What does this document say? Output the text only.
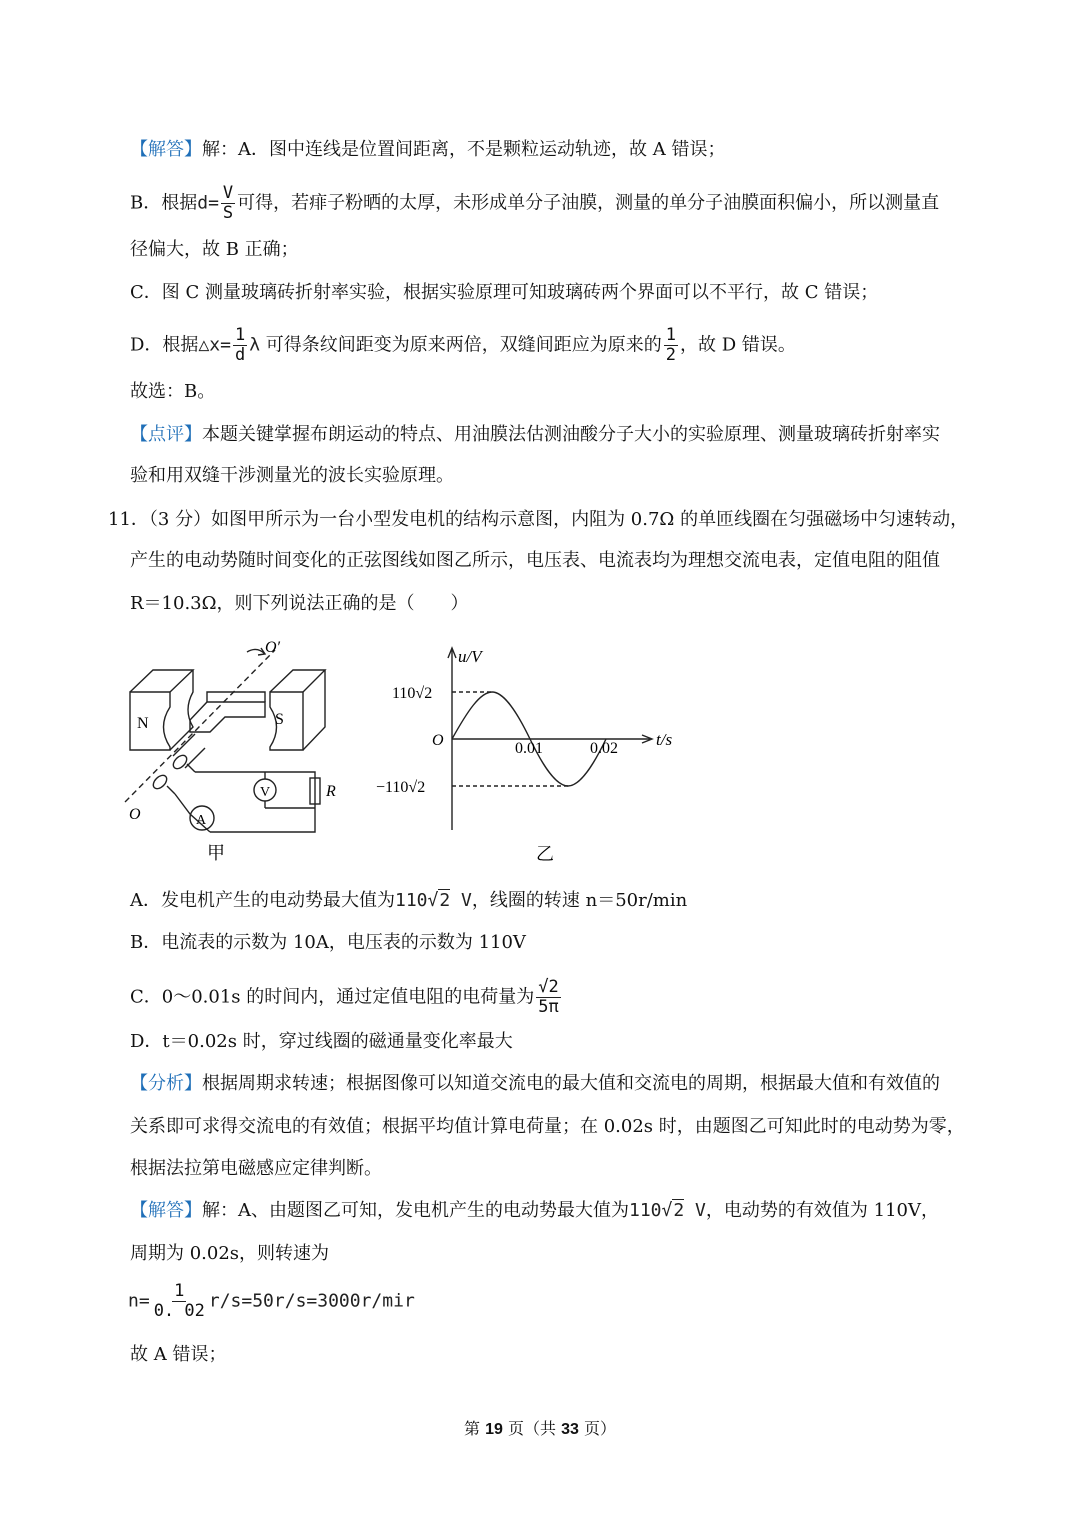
【解答】解：A．图中连线是位置间距离，不是颗粒运动轨迹，故 A 错误；
B．根据$d= \frac{V}{S}$ 可得，若痱子粉晒的太厚，未形成单分子油膜，测量的单分子油膜面积偏小，所以测量直
径偏大，故 B 正确；
C．图 C 测量玻璃砖折射率实验，根据实验原理可知玻璃砖两个界面可以不平行，故 C 错误；
D．根据△x= $\frac{1}{d}$ λ 可得条纹间距变为原来两倍，双缝间距应为原来的 $\frac{1}{2}$ ，故 D 错误。
故选：B。
【点评】本题关键掌握布朗运动的特点、用油膜法估测油酸分子大小的实验原理、测量玻璃砖折射率实
验和用双缝干涉测量光的波长实验原理。
11．（3 分）如图甲所示为一台小型发电机的结构示意图，内阻为 0.7Ω 的单匝线圈在匀强磁场中匀速转动，
产生的电动势随时间变化的正弦图线如图乙所示，电压表、电流表均为理想交流电表，定值电阻的阻值
R＝10.3Ω，则下列说法正确的是（　　）
N	S
O′
O
V
A
R
甲
u/V
t/s
O
110√2
−110√2
0.01	0.02
乙
A．发电机产生的电动势最大值为110√2 V，线圈的转速 n＝50r/min
B．电流表的示数为 10A，电压表的示数为 110V
C．0～0.01s 的时间内，通过定值电阻的电荷量为 $\frac{√2}{5\pi}$
D．t＝0.02s 时，穿过线圈的磁通量变化率最大
【分析】根据周期求转速；根据图像可以知道交流电的最大值和交流电的周期，根据最大值和有效值的
关系即可求得交流电的有效值；根据平均值计算电荷量；在 0.02s 时，由题图乙可知此时的电动势为零，
根据法拉第电磁感应定律判断。
【解答】解：A、由题图乙可知，发电机产生的电动势最大值为110√2 V，电动势的有效值为 110V，
周期为 0.02s，则转速为
$n= \frac{1}{0. 02} r/s=50r/s=3000r/mir$
故 A 错误；
第 19 页（共 33 页）
